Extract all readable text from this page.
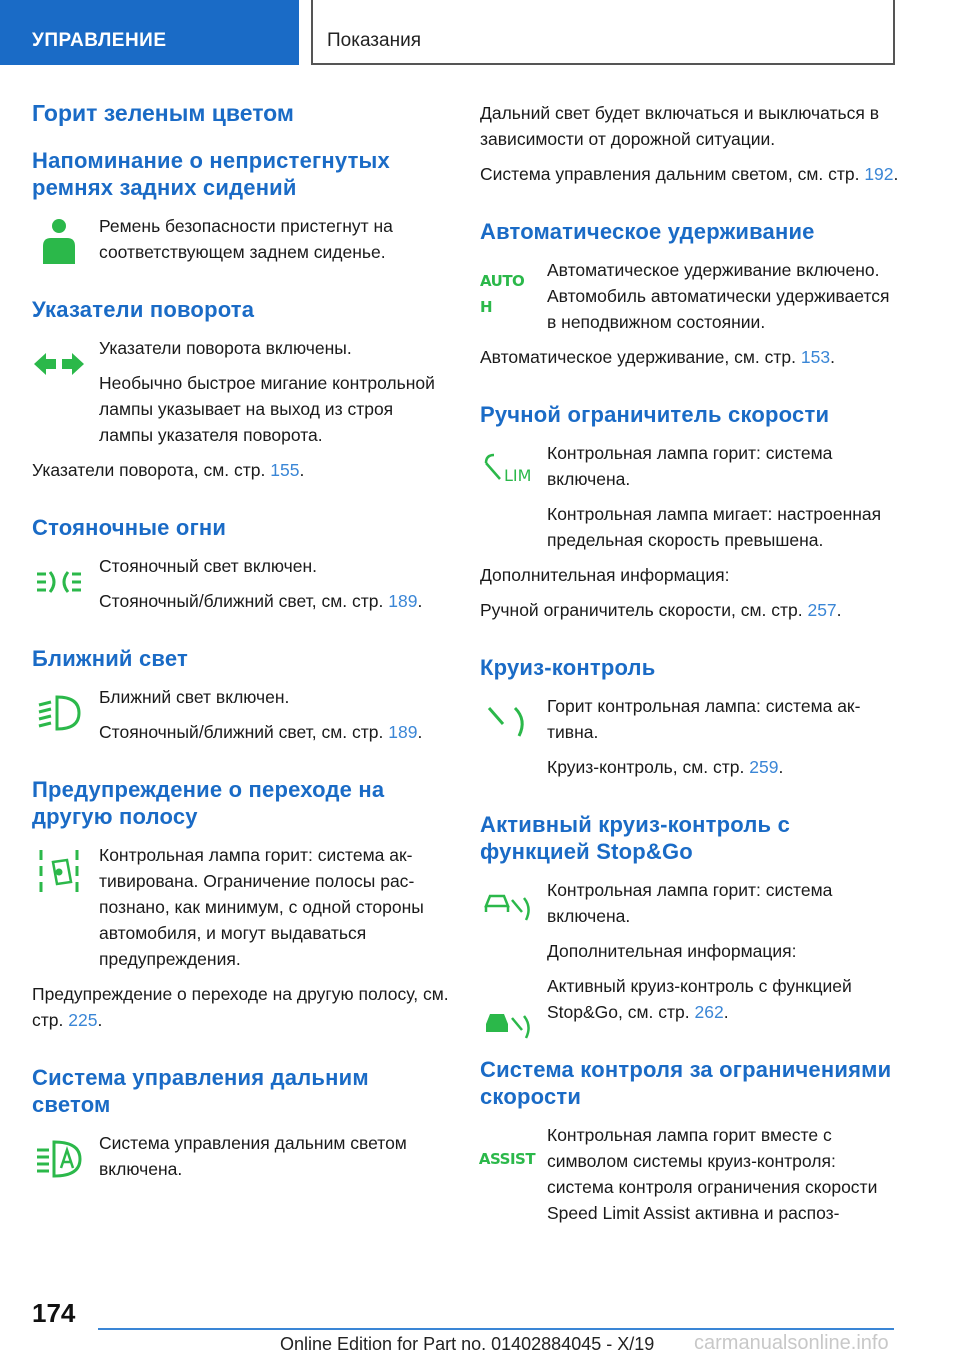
УПРАВЛЕНИЕ	Показания
Горит зеленым цветом
Напоминание о непристегнутых ремнях задних сидений

Ремень безопасности пристегнут на соответствующем заднем сиденье.

Указатели поворота

Указатели поворота включены.

Необычно быстрое мигание контрольной лампы указывает на выход из строя лампы указателя поворота.

Указатели поворота, см. стр. 155.

Стояночные огни

Стояночный свет включен.

Стояночный/ближний свет, см. стр. 189.

Ближний свет

Ближний свет включен.

Стояночный/ближний свет, см. стр. 189.

Предупреждение о переходе на другую полосу

Контрольная лампа горит: система активирована. Ограничение полосы распознано, как минимум, с одной стороны автомобиля, и могут выдаваться предупреждения.

Предупреждение о переходе на другую полосу, см. стр. 225.

Система управления дальним светом

Система управления дальним светом включена.

Дальний свет будет включаться и выключаться в зависимости от дорожной ситуации.

Система управления дальним светом, см. стр. 192.

Автоматическое удерживание
AUTO H

Автоматическое удерживание включено. Автомобиль автоматически удерживается в неподвижном состоянии.

Автоматическое удерживание, см. стр. 153.

Ручной ограничитель скорости
LIM

Контрольная лампа горит: система включена.

Контрольная лампа мигает: настроенная предельная скорость превышена.

Дополнительная информация:

Ручной ограничитель скорости, см. стр. 257.

Круиз-контроль

Горит контрольная лампа: система активна.

Круиз-контроль, см. стр. 259.

Активный круиз-контроль с функцией Stop&Go

Контрольная лампа горит: система включена.

Дополнительная информация:

Активный круиз-контроль с функцией Stop&Go, см. стр. 262.

Система контроля за ограничениями скорости
ASSIST

Контрольная лампа горит вместе с символом системы круиз-контроля: система контроля ограничения скорости Speed Limit Assist активна и распоз-

174
Online Edition for Part no. 01402884045 - X/19 carmanualsonline.info
